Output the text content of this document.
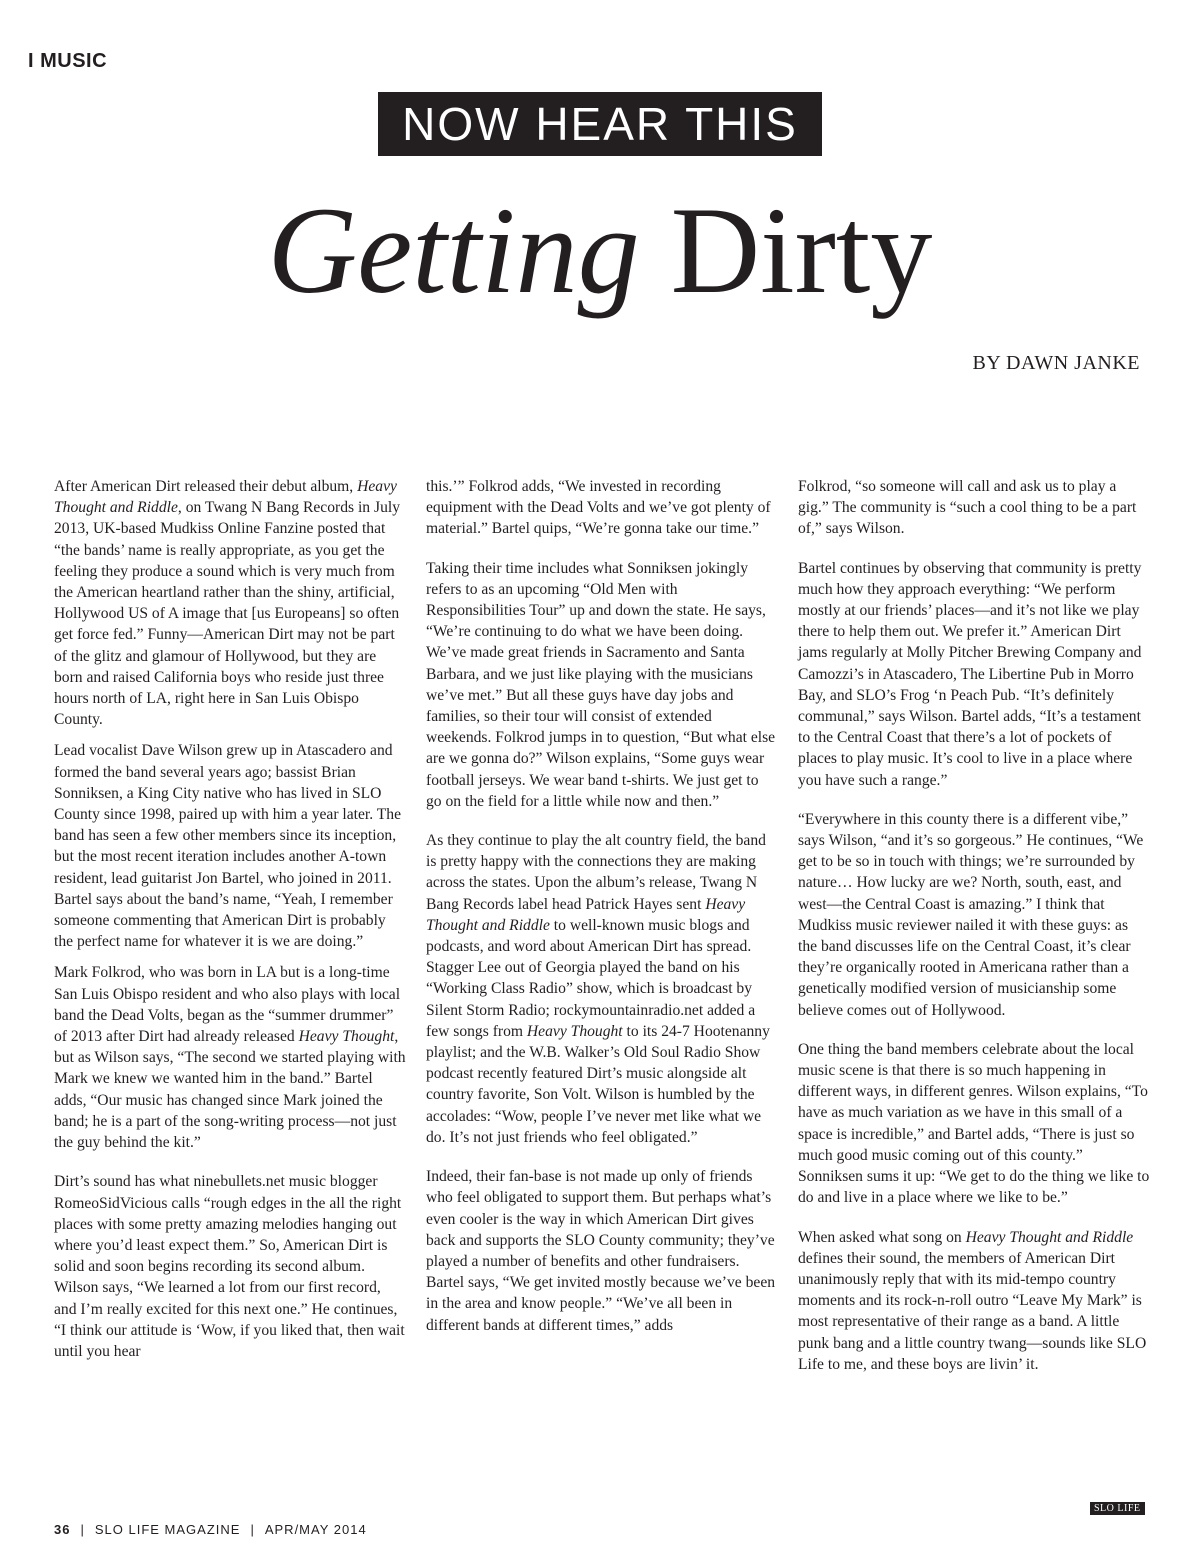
I MUSIC
NOW HEAR THIS
Getting Dirty
BY DAWN JANKE

After American Dirt released their debut album, Heavy Thought and Riddle, on Twang N Bang Records in July 2013, UK-based Mudkiss Online Fanzine posted that “the bands’ name is really appropriate, as you get the feeling they produce a sound which is very much from the American heartland rather than the shiny, artificial, Hollywood US of A image that [us Europeans] so often get force fed.” Funny—American Dirt may not be part of the glitz and glamour of Hollywood, but they are born and raised California boys who reside just three hours north of LA, right here in San Luis Obispo County.

Lead vocalist Dave Wilson grew up in Atascadero and formed the band several years ago; bassist Brian Sonniksen, a King City native who has lived in SLO County since 1998, paired up with him a year later. The band has seen a few other members since its inception, but the most recent iteration includes another A-town resident, lead guitarist Jon Bartel, who joined in 2011. Bartel says about the band’s name, “Yeah, I remember someone commenting that American Dirt is probably the perfect name for whatever it is we are doing.”

Mark Folkrod, who was born in LA but is a long-time San Luis Obispo resident and who also plays with local band the Dead Volts, began as the “summer drummer” of 2013 after Dirt had already released Heavy Thought, but as Wilson says, “The second we started playing with Mark we knew we wanted him in the band.” Bartel adds, “Our music has changed since Mark joined the band; he is a part of the song-writing process—not just the guy behind the kit.”

Dirt’s sound has what ninebullets.net music blogger RomeoSidVicious calls “rough edges in the all the right places with some pretty amazing melodies hanging out where you’d least expect them.” So, American Dirt is solid and soon begins recording its second album. Wilson says, “We learned a lot from our first record, and I’m really excited for this next one.” He continues, “I think our attitude is ‘Wow, if you liked that, then wait until you hear

this.’” Folkrod adds, “We invested in recording equipment with the Dead Volts and we’ve got plenty of material.” Bartel quips, “We’re gonna take our time.”

Taking their time includes what Sonniksen jokingly refers to as an upcoming “Old Men with Responsibilities Tour” up and down the state. He says, “We’re continuing to do what we have been doing. We’ve made great friends in Sacramento and Santa Barbara, and we just like playing with the musicians we’ve met.” But all these guys have day jobs and families, so their tour will consist of extended weekends. Folkrod jumps in to question, “But what else are we gonna do?” Wilson explains, “Some guys wear football jerseys. We wear band t-shirts. We just get to go on the field for a little while now and then.”

As they continue to play the alt country field, the band is pretty happy with the connections they are making across the states. Upon the album’s release, Twang N Bang Records label head Patrick Hayes sent Heavy Thought and Riddle to well-known music blogs and podcasts, and word about American Dirt has spread. Stagger Lee out of Georgia played the band on his “Working Class Radio” show, which is broadcast by Silent Storm Radio; rockymountainradio.net added a few songs from Heavy Thought to its 24-7 Hootenanny playlist; and the W.B. Walker’s Old Soul Radio Show podcast recently featured Dirt’s music alongside alt country favorite, Son Volt. Wilson is humbled by the accolades: “Wow, people I’ve never met like what we do. It’s not just friends who feel obligated.”

Indeed, their fan-base is not made up only of friends who feel obligated to support them. But perhaps what’s even cooler is the way in which American Dirt gives back and supports the SLO County community; they’ve played a number of benefits and other fundraisers. Bartel says, “We get invited mostly because we’ve been in the area and know people.” “We’ve all been in different bands at different times,” adds

Folkrod, “so someone will call and ask us to play a gig.” The community is “such a cool thing to be a part of,” says Wilson.

Bartel continues by observing that community is pretty much how they approach everything: “We perform mostly at our friends’ places—and it’s not like we play there to help them out. We prefer it.” American Dirt jams regularly at Molly Pitcher Brewing Company and Camozzi’s in Atascadero, The Libertine Pub in Morro Bay, and SLO’s Frog ‘n Peach Pub. “It’s definitely communal,” says Wilson. Bartel adds, “It’s a testament to the Central Coast that there’s a lot of pockets of places to play music. It’s cool to live in a place where you have such a range.”

“Everywhere in this county there is a different vibe,” says Wilson, “and it’s so gorgeous.” He continues, “We get to be so in touch with things; we’re surrounded by nature… How lucky are we? North, south, east, and west—the Central Coast is amazing.” I think that Mudkiss music reviewer nailed it with these guys: as the band discusses life on the Central Coast, it’s clear they’re organically rooted in Americana rather than a genetically modified version of musicianship some believe comes out of Hollywood.

One thing the band members celebrate about the local music scene is that there is so much happening in different ways, in different genres. Wilson explains, “To have as much variation as we have in this small of a space is incredible,” and Bartel adds, “There is just so much good music coming out of this county.” Sonniksen sums it up: “We get to do the thing we like to do and live in a place where we like to be.”

When asked what song on Heavy Thought and Riddle defines their sound, the members of American Dirt unanimously reply that with its mid-tempo country moments and its rock-n-roll outro “Leave My Mark” is most representative of their range as a band. A little punk bang and a little country twang—sounds like SLO Life to me, and these boys are livin’ it.

36 | SLO LIFE MAGAZINE | APR/MAY 2014
SLO LIFE
